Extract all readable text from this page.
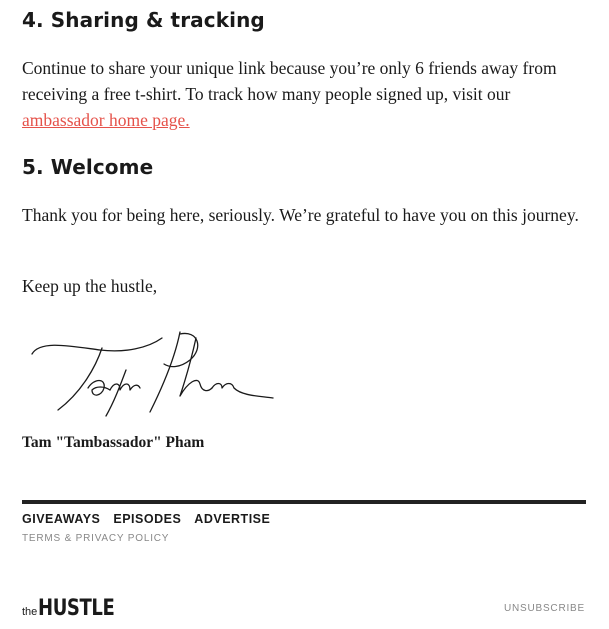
4. Sharing & tracking

Continue to share your unique link because you’re only 6 friends away from receiving a free t-shirt. To track how many people signed up, visit our ambassador home page.

5. Welcome

Thank you for being here, seriously. We’re grateful to have you on this journey.

Keep up the hustle,

Tam "Tambassador" Pham
GIVEAWAYS EPISODES ADVERTISE
TERMS & PRIVACY POLICY
the HUSTLE	UNSUBSCRIBE
